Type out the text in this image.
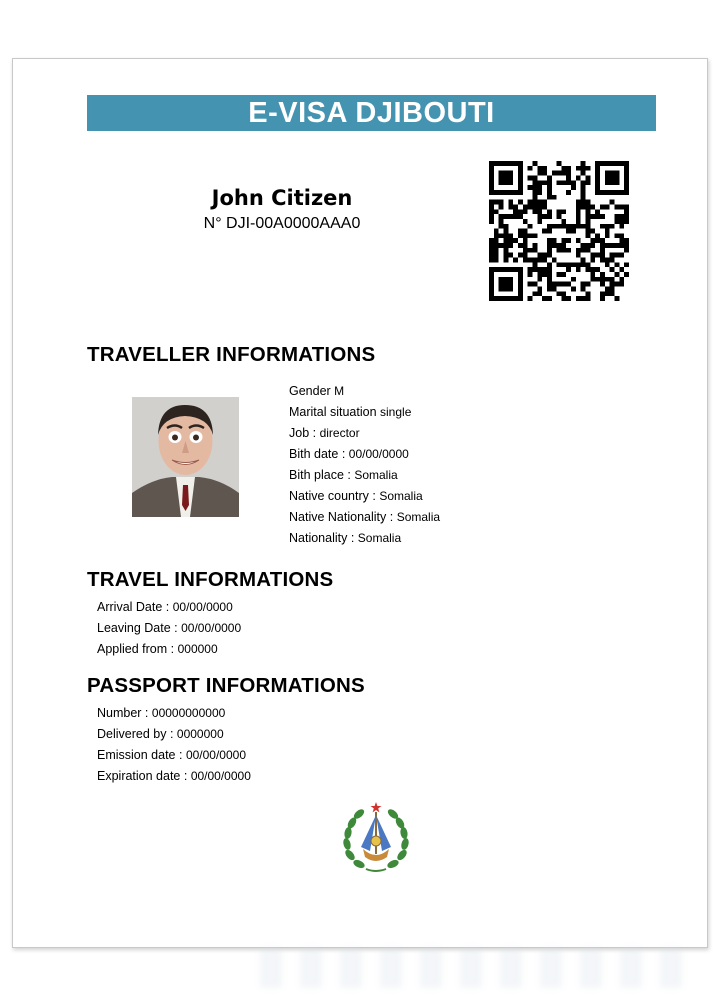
E-VISA DJIBOUTI
John Citizen
N° DJI-00A0000AAA0
TRAVELLER INFORMATIONS
Gender M
Marital situation single
Job : director
Bith date : 00/00/0000
Bith place : Somalia
Native country : Somalia
Native Nationality : Somalia
Nationality : Somalia
TRAVEL INFORMATIONS
Arrival Date : 00/00/0000
Leaving Date : 00/00/0000
Applied from : 000000
PASSPORT INFORMATIONS
Number : 00000000000
Delivered by : 0000000
Emission date : 00/00/0000
Expiration date : 00/00/0000
